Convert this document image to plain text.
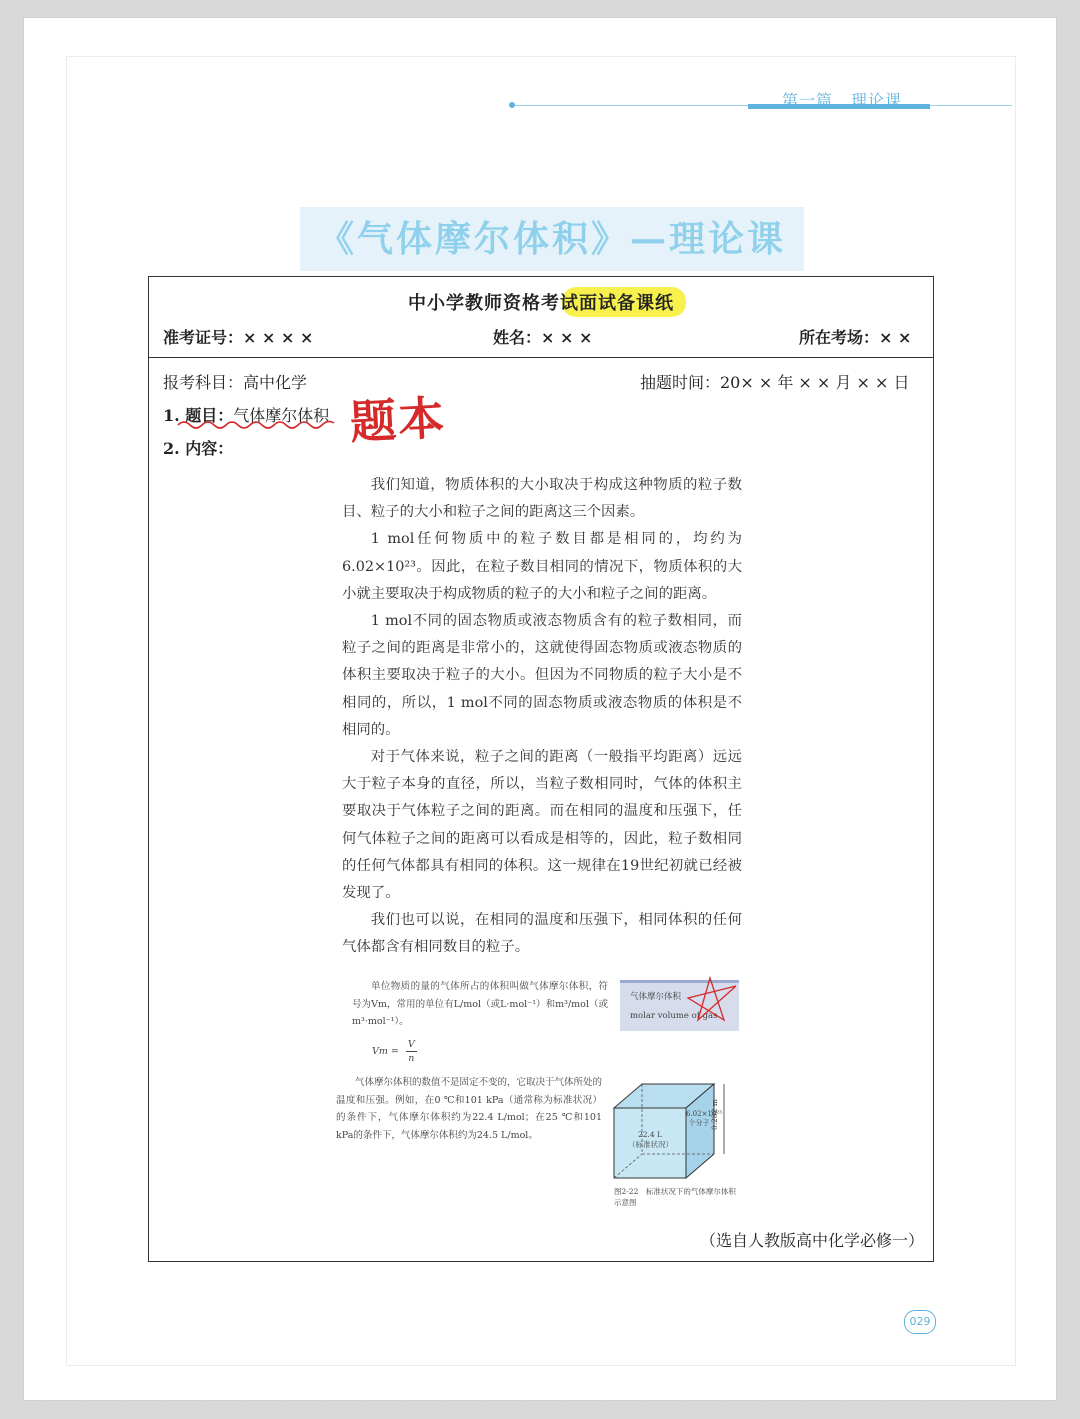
第一篇 理论课
《气体摩尔体积》—理论课
中小学教师资格考试面试备课纸
准考证号：× × × ×	姓名：× × ×	所在考场：× ×
报考科目：高中化学	抽题时间：20× × 年 × × 月 × × 日
1. 题目：气体摩尔体积
2. 内容：	题本

我们知道，物质体积的大小取决于构成这种物质的粒子数目、粒子的大小和粒子之间的距离这三个因素。

1 mol任何物质中的粒子数目都是相同的，均约为6.02×10²³。因此，在粒子数目相同的情况下，物质体积的大小就主要取决于构成物质的粒子的大小和粒子之间的距离。

1 mol不同的固态物质或液态物质含有的粒子数相同，而粒子之间的距离是非常小的，这就使得固态物质或液态物质的体积主要取决于粒子的大小。但因为不同物质的粒子大小是不相同的，所以，1 mol不同的固态物质或液态物质的体积是不相同的。

对于气体来说，粒子之间的距离（一般指平均距离）远远大于粒子本身的直径，所以，当粒子数相同时，气体的体积主要取决于气体粒子之间的距离。而在相同的温度和压强下，任何气体粒子之间的距离可以看成是相等的，因此，粒子数相同的任何气体都具有相同的体积。这一规律在19世纪初就已经被发现了。

我们也可以说，在相同的温度和压强下，相同体积的任何气体都含有相同数目的粒子。

单位物质的量的气体所占的体积叫做气体摩尔体积，符号为Vm，常用的单位有L/mol（或L·mol⁻¹）和m³/mol（或m³·mol⁻¹）。
气体摩尔体积
molar volume of gas
$Vm = \frac{V}{n}$
气体摩尔体积的数值不是固定不变的，它取决于气体所处的温度和压强。例如，在0 ℃和101 kPa（通常称为标准状况）的条件下，气体摩尔体积约为22.4 L/mol；在25 ℃和101 kPa的条件下，气体摩尔体积约为24.5 L/mol。	22.4 L
（标准状况）
6.02×10²³个分子 0.282 m
图2-22　标准状况下的气体摩尔体积示意图
（选自人教版高中化学必修一）
029
